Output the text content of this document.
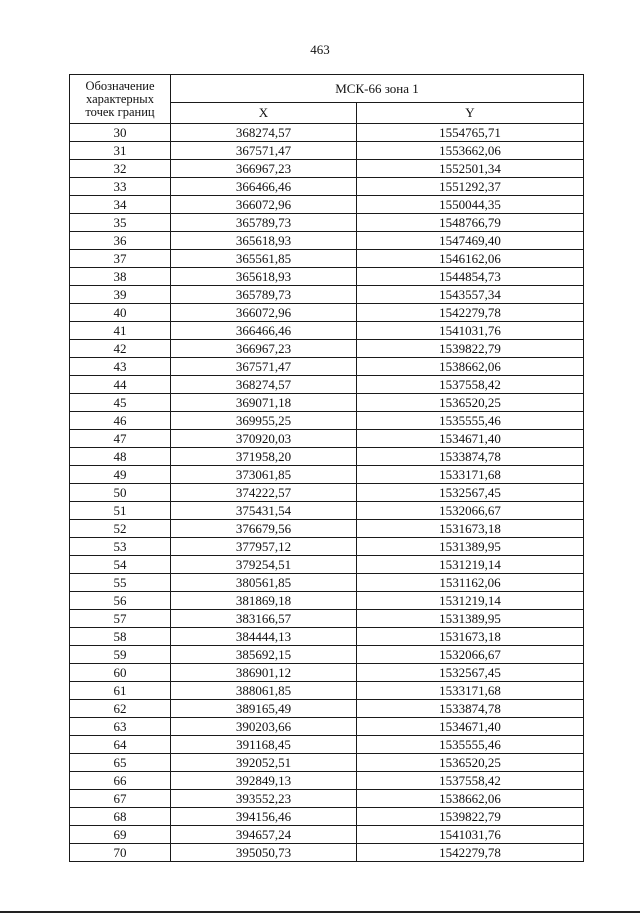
463
Обозначение характерных точек границ	МСК-66 зона 1	
	X	Y
30	368274,57	1554765,71
31	367571,47	1553662,06
32	366967,23	1552501,34
33	366466,46	1551292,37
34	366072,96	1550044,35
35	365789,73	1548766,79
36	365618,93	1547469,40
37	365561,85	1546162,06
38	365618,93	1544854,73
39	365789,73	1543557,34
40	366072,96	1542279,78
41	366466,46	1541031,76
42	366967,23	1539822,79
43	367571,47	1538662,06
44	368274,57	1537558,42
45	369071,18	1536520,25
46	369955,25	1535555,46
47	370920,03	1534671,40
48	371958,20	1533874,78
49	373061,85	1533171,68
50	374222,57	1532567,45
51	375431,54	1532066,67
52	376679,56	1531673,18
53	377957,12	1531389,95
54	379254,51	1531219,14
55	380561,85	1531162,06
56	381869,18	1531219,14
57	383166,57	1531389,95
58	384444,13	1531673,18
59	385692,15	1532066,67
60	386901,12	1532567,45
61	388061,85	1533171,68
62	389165,49	1533874,78
63	390203,66	1534671,40
64	391168,45	1535555,46
65	392052,51	1536520,25
66	392849,13	1537558,42
67	393552,23	1538662,06
68	394156,46	1539822,79
69	394657,24	1541031,76
70	395050,73	1542279,78
